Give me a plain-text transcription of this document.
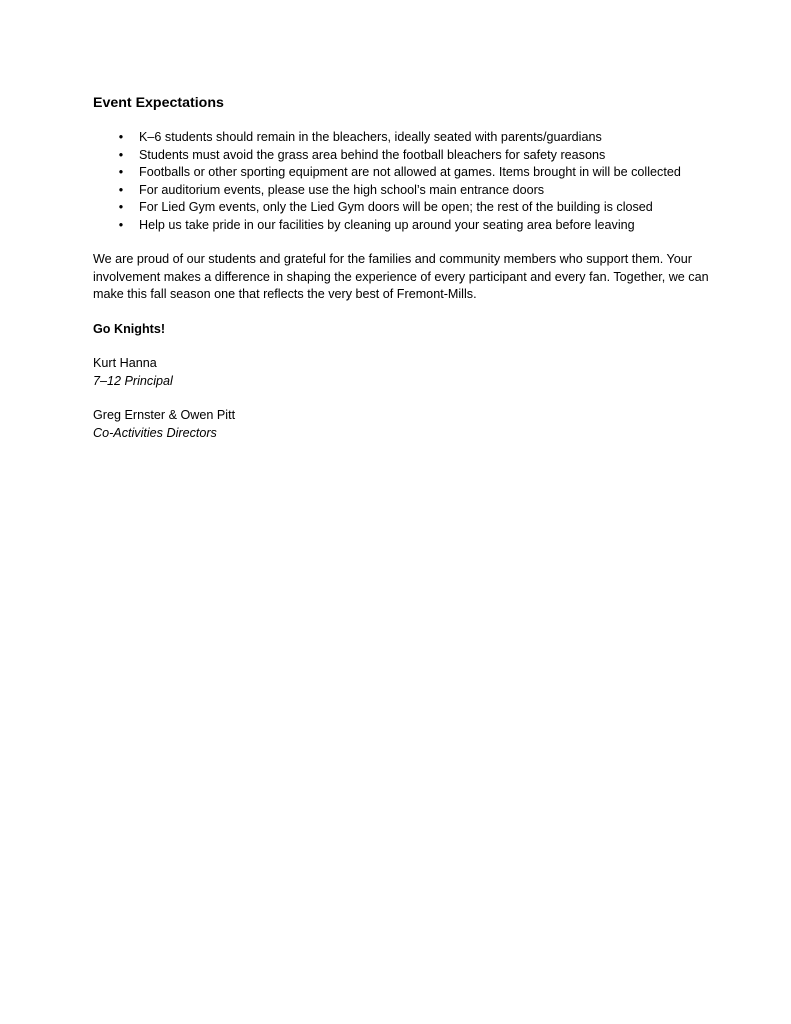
Event Expectations
• K–6 students should remain in the bleachers, ideally seated with parents/guardians
• Students must avoid the grass area behind the football bleachers for safety reasons
• Footballs or other sporting equipment are not allowed at games. Items brought in will be collected
• For auditorium events, please use the high school’s main entrance doors
• For Lied Gym events, only the Lied Gym doors will be open; the rest of the building is closed
• Help us take pride in our facilities by cleaning up around your seating area before leaving

We are proud of our students and grateful for the families and community members who support them. Your involvement makes a difference in shaping the experience of every participant and every fan. Together, we can make this fall season one that reflects the very best of Fremont-Mills.

Go Knights!

Kurt Hanna
7–12 Principal
Greg Ernster & Owen Pitt
Co-Activities Directors
